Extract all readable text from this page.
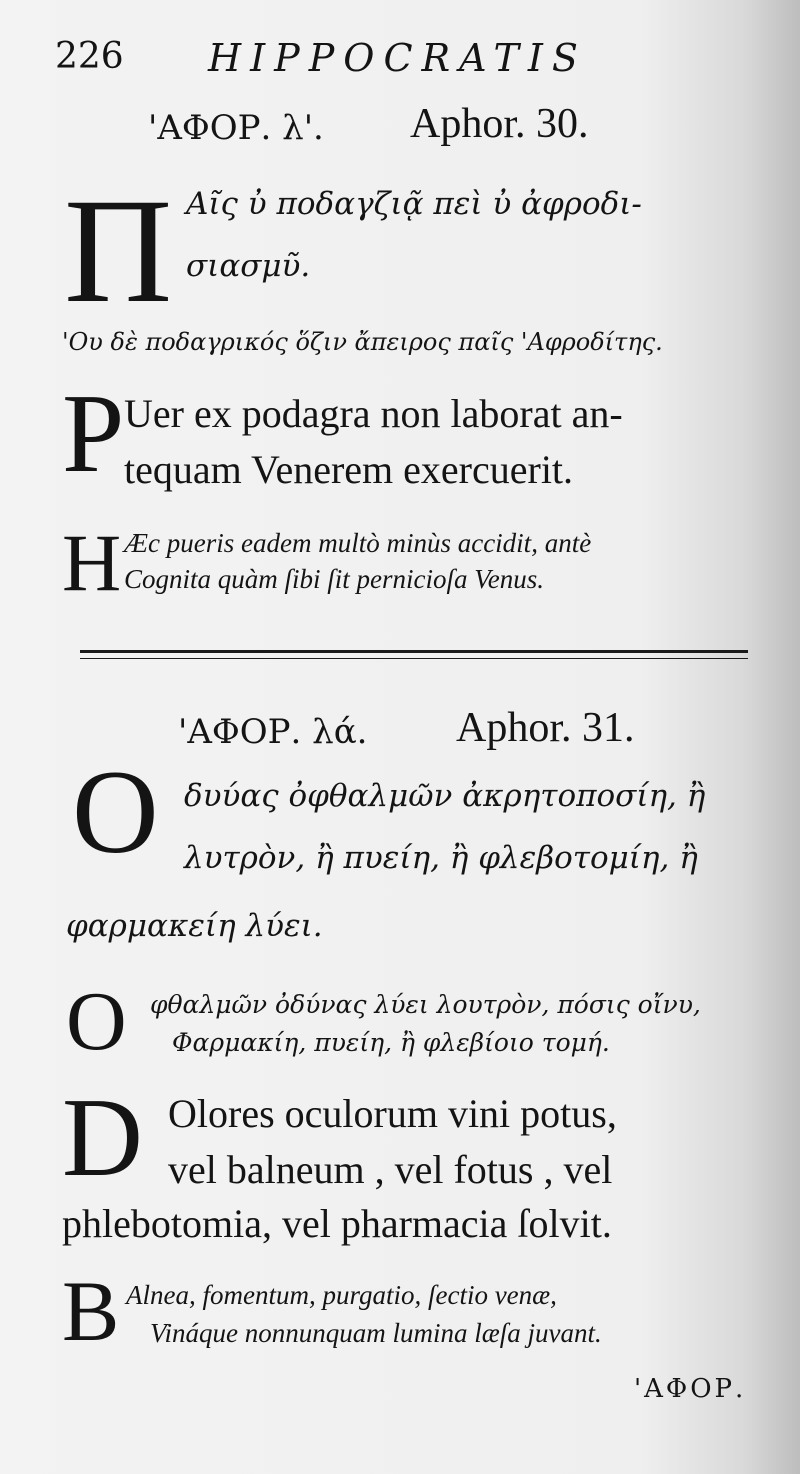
226 HIPPOCRATIS
'ΑΦΟΡ. λ'. Aphor. 30.
Π Αῖς ὐ ποδαγζιᾷ πεὶ ὐ ἀφροδι-
σιασμῦ.
'Ου δὲ ποδαγρικός ὅζιν ἄπειρος παῖς 'Αφροδίτης.
P Uer ex podagra non laborat an-
tequam Venerem exercuerit.
H Æc pueris eadem multò minùs accidit, antè
Cognita quàm ſibi ſit pernicioſa Venus.
'ΑΦΟΡ. λά. Aphor. 31.
Ο δυύας ὀφθαλμῶν ἀκρητοποσίη, ἢ
λυτρὸν, ἢ πυείη, ἢ φλεβοτομίη, ἢ
φαρμακείη λύει.
Ο φθαλμῶν ὀδύνας λύει λουτρὸν, πόσις οἴνυ,
Φαρμακίη, πυείη, ἢ φλεβίοιο τομή.
D Olores oculorum vini potus,
vel balneum , vel fotus , vel
phlebotomia, vel pharmacia ſolvit.
B Alnea, fomentum, purgatio, ſectio venæ,
Vináque nonnunquam lumina læſa juvant.
'ΑΦΟΡ.
